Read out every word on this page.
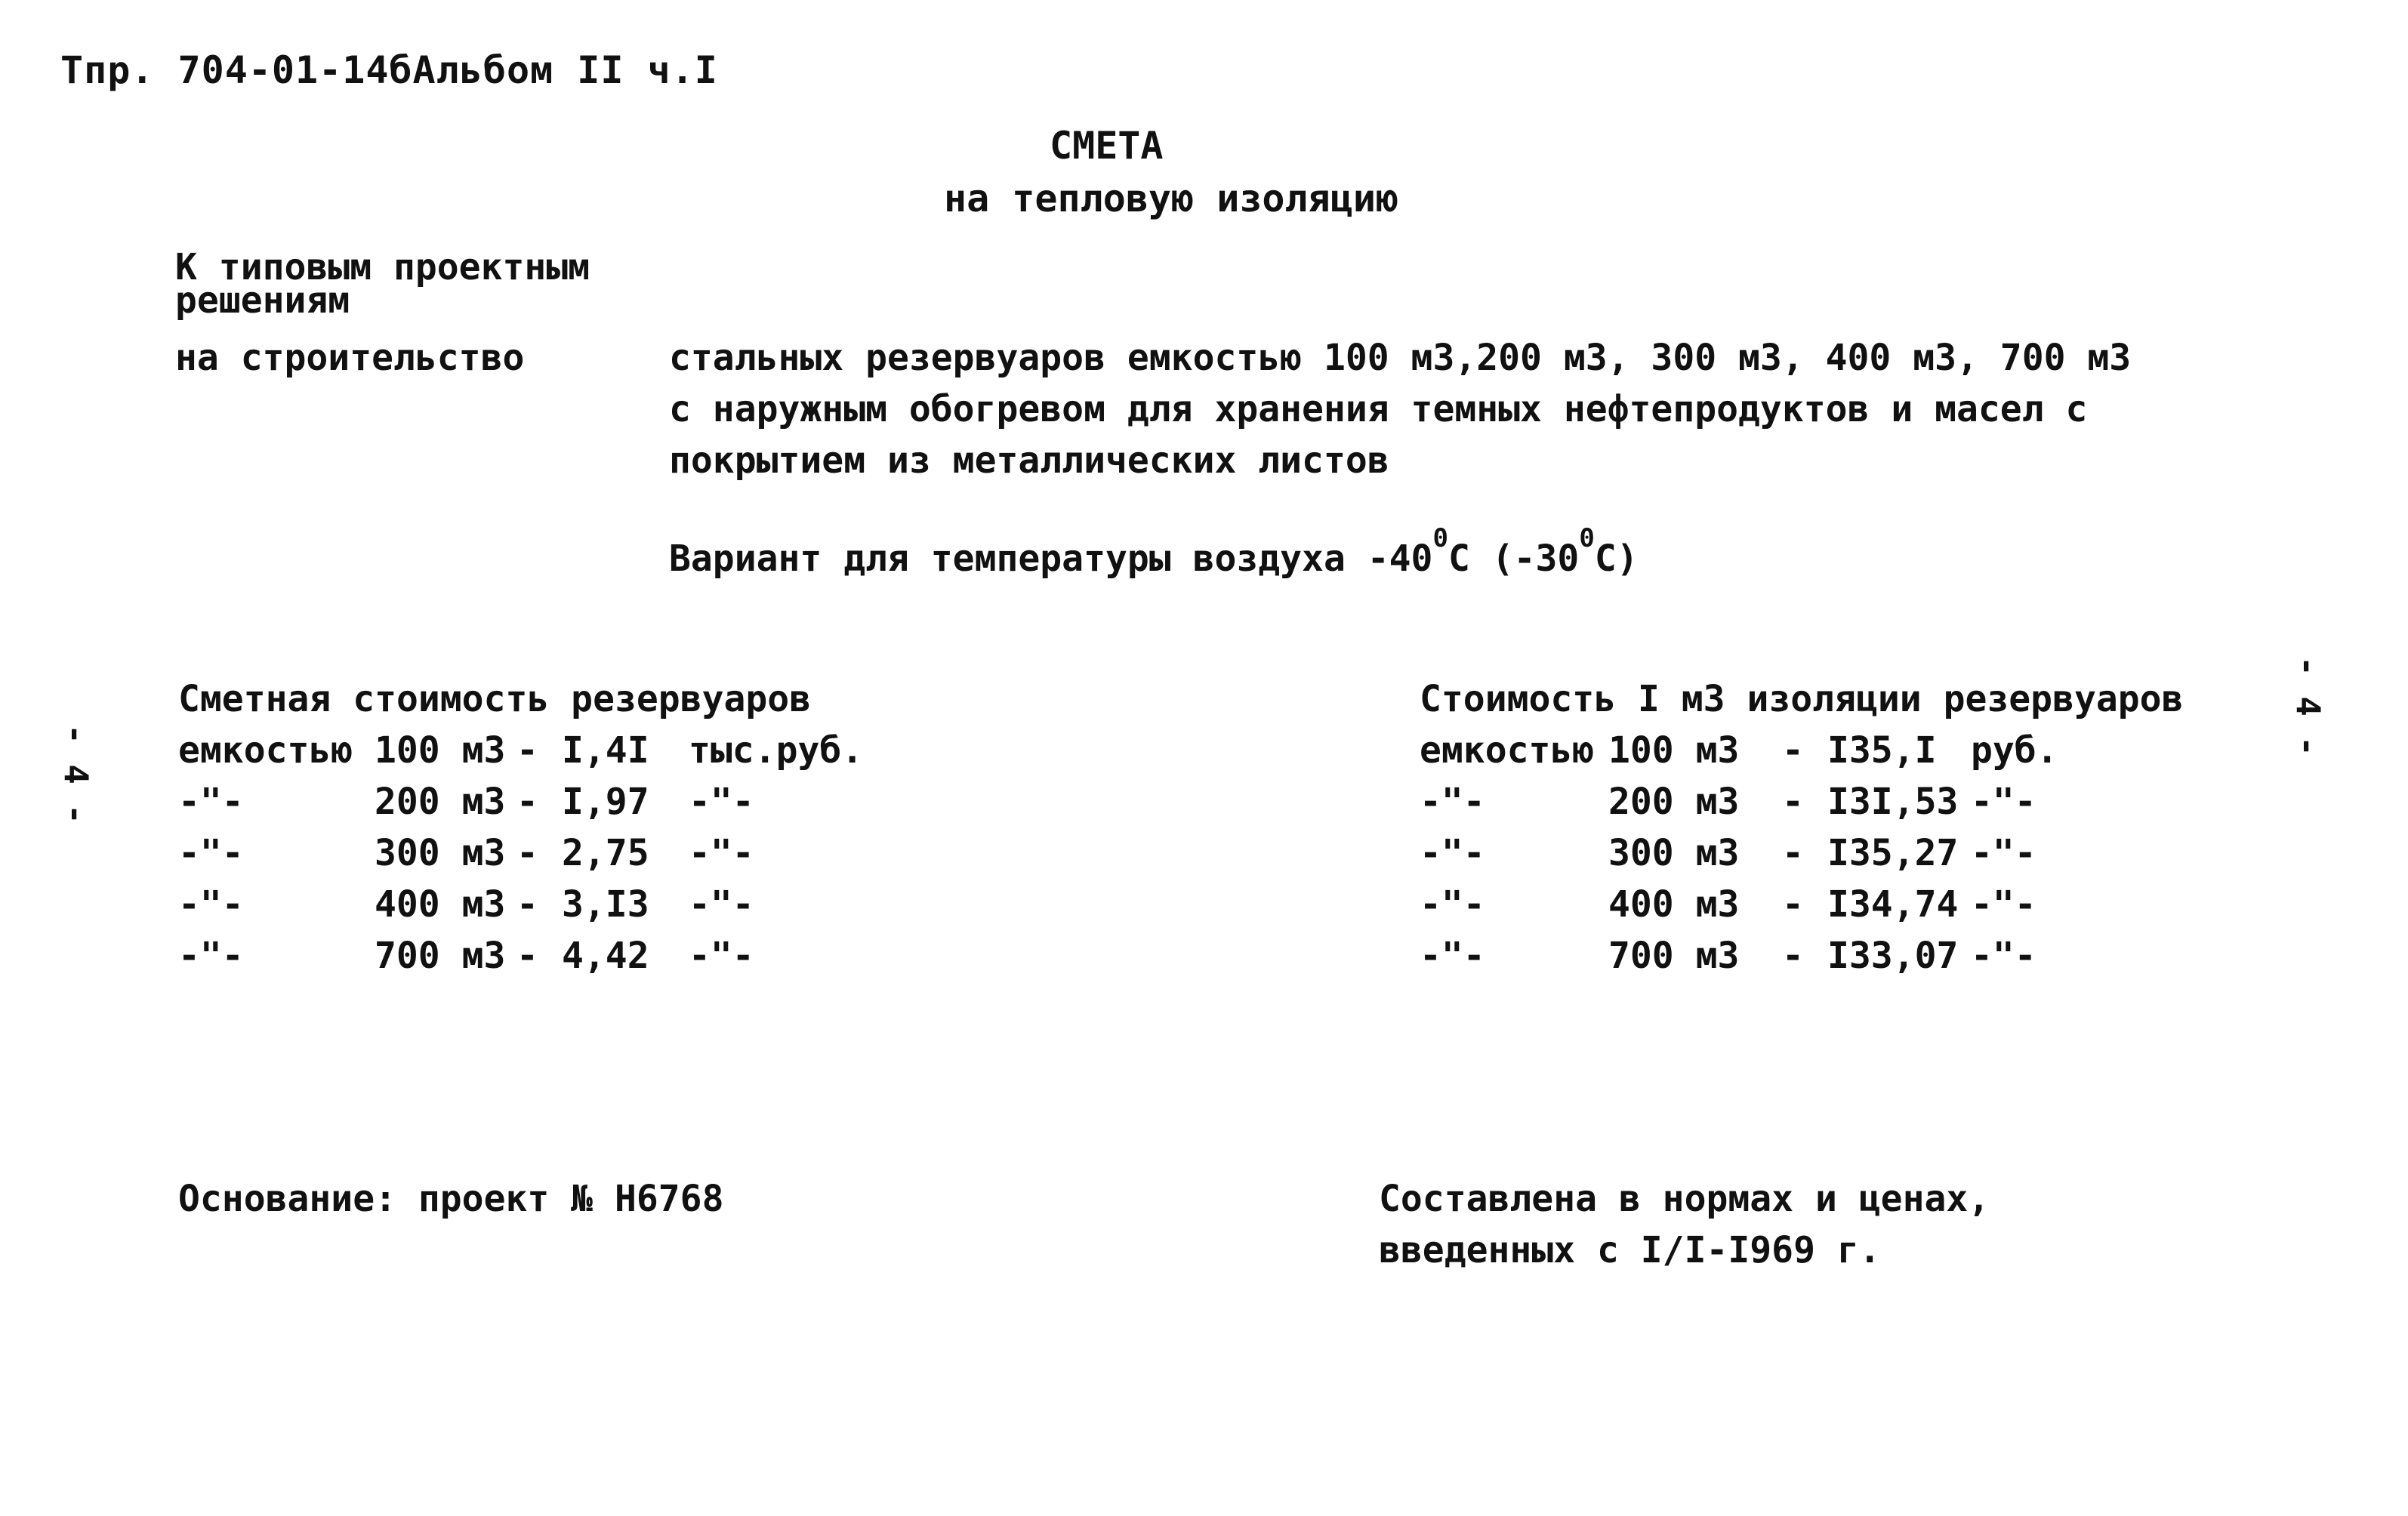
Тпр. 704-01-14бАльбом II ч.I
СМЕТА
на тепловую изоляцию
К типовым проектным
решениям
на строительство	стальных резервуаров емкостью 100 м3,200 м3, 300 м3, 400 м3, 700 м3
с наружным обогревом для хранения темных нефтепродуктов и масел с
покрытием из металлических листов
Вариант для температуры воздуха $-40^0С$ $(-30^0С)$
Сметная стоимость резервуаров
емкостью 100 м3 - I,4I тыс.руб.
-"-	200 м3 - I,97 -"-
-"-	300 м3 - 2,75 -"-
-"-	400 м3 - 3,I3 -"-
-"-	700 м3 - 4,42 -"-
Стоимость I м3 изоляции резервуаров
емкостью 100 м3 - I35,I руб.
-"-	200 м3 - I3I,53 -"-
-"-	300 м3 - I35,27 -"-
-"-	400 м3 - I34,74 -"-
-"-	700 м3 - I33,07 -"-
Основание: проект № Н6768	Составлена в нормах и ценах,
введенных с I/I-I969 г.
- 4 -
- 4 -
